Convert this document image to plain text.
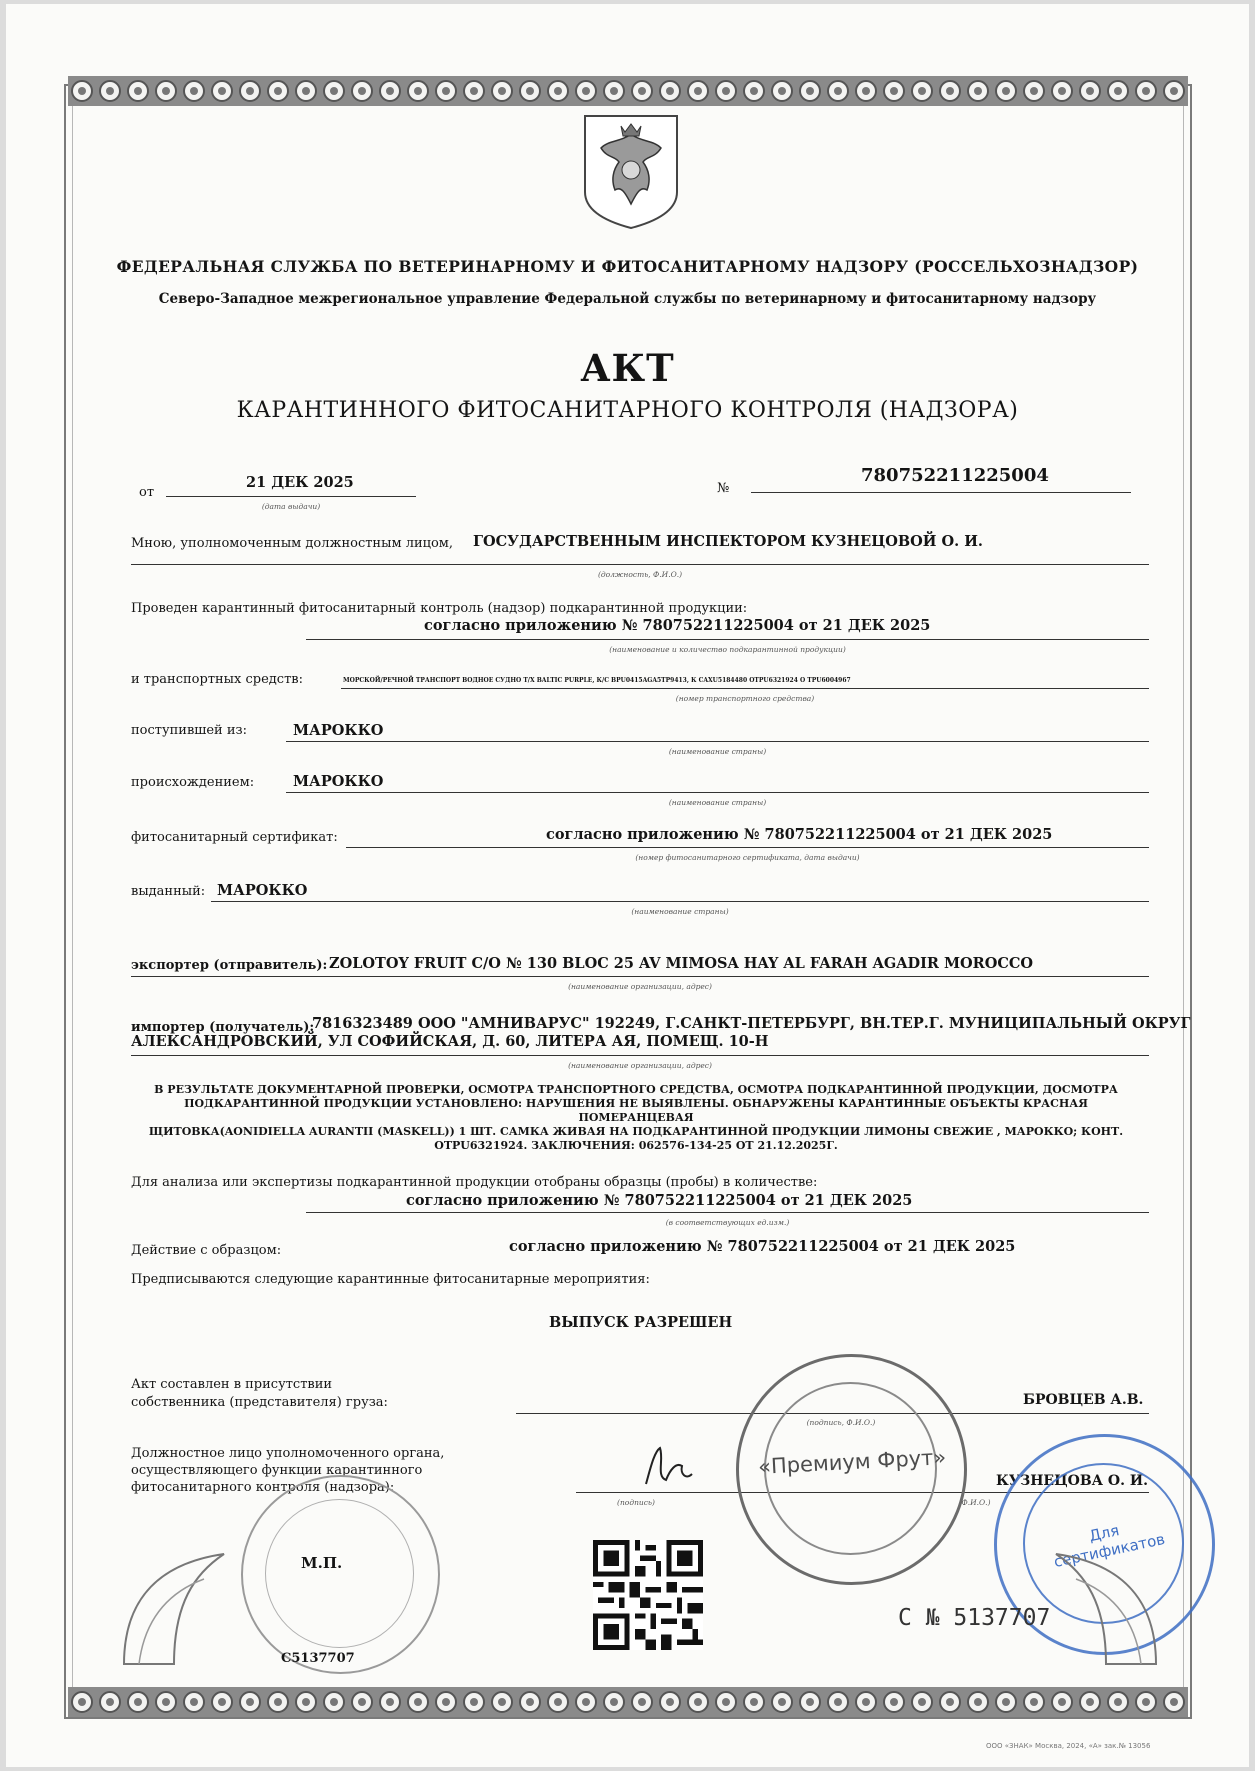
ФЕДЕРАЛЬНАЯ СЛУЖБА ПО ВЕТЕРИНАРНОМУ И ФИТОСАНИТАРНОМУ НАДЗОРУ (РОССЕЛЬХОЗНАДЗОР)

Северо-Западное межрегиональное управление Федеральной службы по ветеринарному и фитосанитарному надзору

АКТ

КАРАНТИННОГО ФИТОСАНИТАРНОГО КОНТРОЛЯ (НАДЗОРА)

от
21 ДЕК 2025
(дата выдачи)
№
780752211225004
Мною, уполномоченным должностным лицом, ГОСУДАРСТВЕННЫМ ИНСПЕКТОРОМ КУЗНЕЦОВОЙ О. И.
(должность, Ф.И.О.)
Проведен карантинный фитосанитарный контроль (надзор) подкарантинной продукции:
согласно приложению № 780752211225004 от 21 ДЕК 2025
(наименование и количество подкарантинной продукции)
и транспортных средств:	МОРСКОЙ/РЕЧНОЙ ТРАНСПОРТ ВОДНОЕ СУДНО Т/Х BALTIC PURPLE, К/С BPU0415AGA5TP9413, К CAXU5184480 OTPU6321924 О TPU6004967
(номер транспортного средства)
поступившей из:	МАРОККО
(наименование страны)
происхождением:	МАРОККО
(наименование страны)
фитосанитарный сертификат:	согласно приложению № 780752211225004 от 21 ДЕК 2025
(номер фитосанитарного сертификата, дата выдачи)
выданный: МАРОККО
(наименование страны)
экспортер (отправитель): ZOLOTOY FRUIT C/O № 130 BLOC 25 AV MIMOSA HAY AL FARAH AGADIR MOROCCO
(наименование организации, адрес)
импортер (получатель):
7816323489 ООО "АМНИВАРУС" 192249, Г.САНКТ-ПЕТЕРБУРГ, ВН.ТЕР.Г. МУНИЦИПАЛЬНЫЙ ОКРУГ
АЛЕКСАНДРОВСКИЙ, УЛ СОФИЙСКАЯ, Д. 60, ЛИТЕРА АЯ, ПОМЕЩ. 10-Н
(наименование организации, адрес)
В РЕЗУЛЬТАТЕ ДОКУМЕНТАРНОЙ ПРОВЕРКИ, ОСМОТРА ТРАНСПОРТНОГО СРЕДСТВА, ОСМОТРА ПОДКАРАНТИННОЙ ПРОДУКЦИИ, ДОСМОТРА
ПОДКАРАНТИННОЙ ПРОДУКЦИИ УСТАНОВЛЕНО: НАРУШЕНИЯ НЕ ВЫЯВЛЕНЫ. ОБНАРУЖЕНЫ КАРАНТИННЫЕ ОБЪЕКТЫ КРАСНАЯ ПОМЕРАНЦЕВАЯ
ЩИТОВКА(AONIDIELLA AURANTII (MASKELL)) 1 ШТ. САМКА ЖИВАЯ НА ПОДКАРАНТИННОЙ ПРОДУКЦИИ ЛИМОНЫ СВЕЖИЕ , МАРОККО; КОНТ.
OTPU6321924. ЗАКЛЮЧЕНИЯ: 062576-134-25 ОТ 21.12.2025Г.
Для анализа или экспертизы подкарантинной продукции отобраны образцы (пробы) в количестве:
согласно приложению № 780752211225004 от 21 ДЕК 2025
(в соответствующих ед.изм.)
Действие с образцом:	согласно приложению № 780752211225004 от 21 ДЕК 2025
Предписываются следующие карантинные фитосанитарные мероприятия:
ВЫПУСК РАЗРЕШЕН
Акт составлен в присутствии
собственника (представителя) груза:	БРОВЦЕВ А.В.
(подпись, Ф.И.О.)
Должностное лицо уполномоченного органа,
осуществляющего функции карантинного
фитосанитарного контроля (надзора):	КУЗНЕЦОВА О. И.
(подпись)	Ф.И.О.)
М.П.
С5137707
«Премиум Фрут»
Для сертификатов
С № 5137707
ООО «ЗНАК» Москва, 2024, «А» зак.№ 13056
